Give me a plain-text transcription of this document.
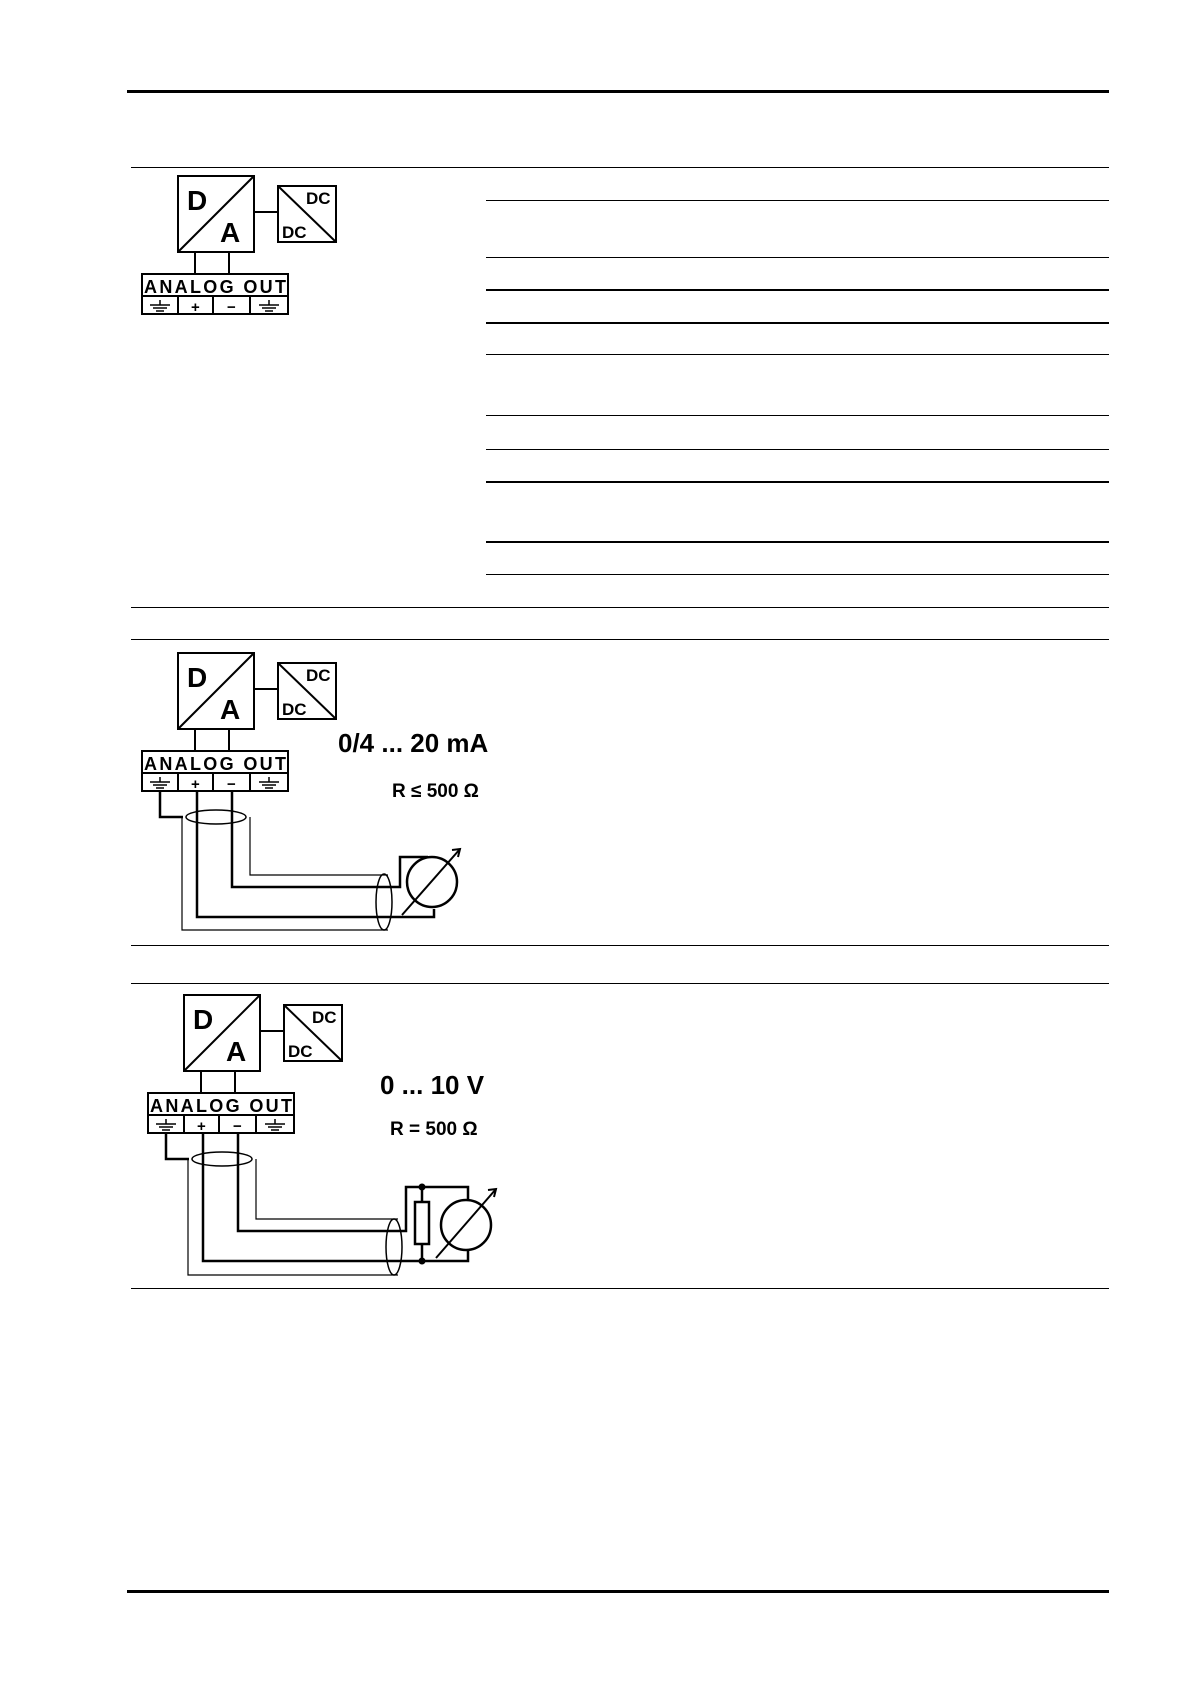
D
A
DC
DC
ANALOG OUT
+ −
D
A
DC
DC
ANALOG OUT
+ −
0/4 ... 20 mA
R ≤ 500 Ω
D
A
DC
DC
ANALOG OUT
+ −
0 ... 10 V
R = 500 Ω
